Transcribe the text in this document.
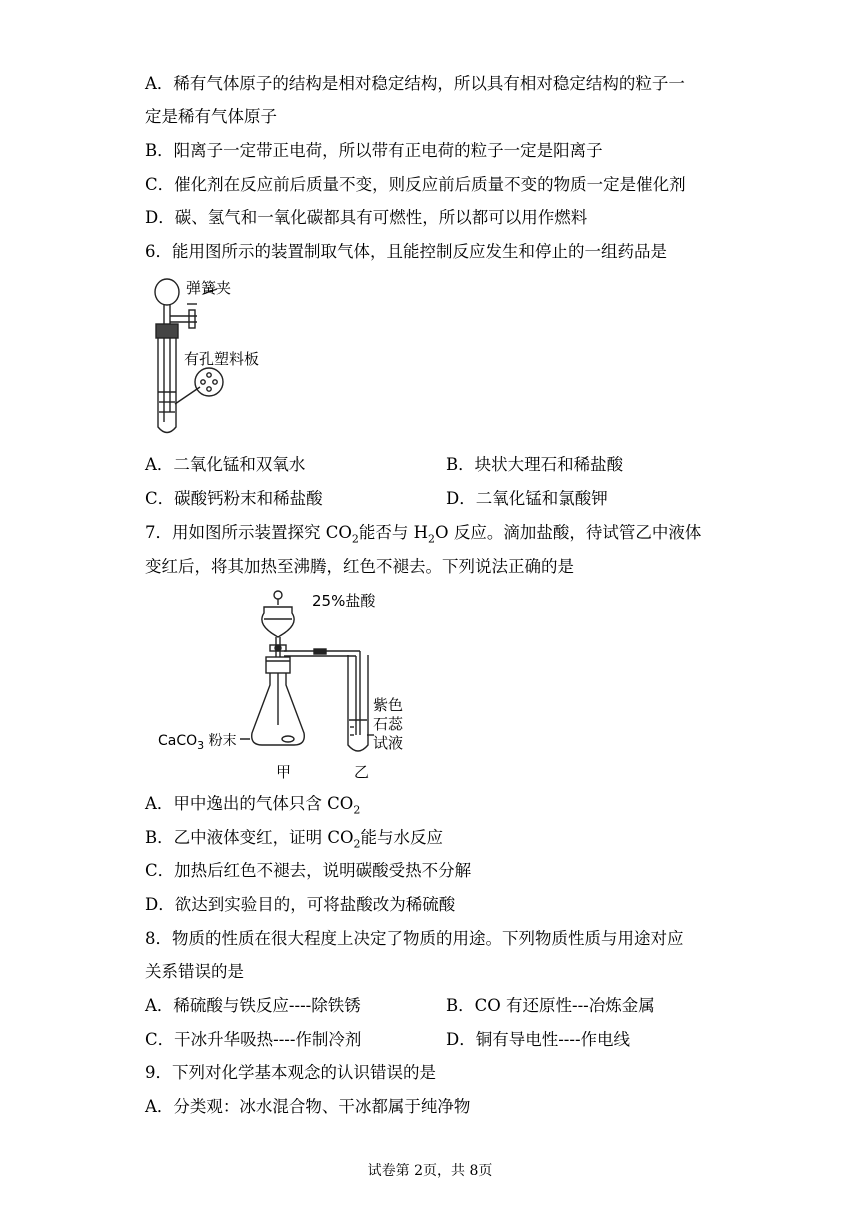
A．稀有气体原子的结构是相对稳定结构，所以具有相对稳定结构的粒子一
定是稀有气体原子
B．阳离子一定带正电荷，所以带有正电荷的粒子一定是阳离子
C．催化剂在反应前后质量不变，则反应前后质量不变的物质一定是催化剂
D．碳、氢气和一氧化碳都具有可燃性，所以都可以用作燃料
6．能用图所示的装置制取气体，且能控制反应发生和停止的一组药品是
弹簧夹
有孔塑料板
A．二氧化锰和双氧水	B．块状大理石和稀盐酸
C．碳酸钙粉末和稀盐酸	D．二氧化锰和氯酸钾
7．用如图所示装置探究 $CO_2$能否与 $H_2O$ 反应。滴加盐酸，待试管乙中液体
变红后，将其加热至沸腾，红色不褪去。下列说法正确的是
25%盐酸
CaCO$_3$ 粉末
紫色
石蕊
试液
甲	乙
A．甲中逸出的气体只含 $CO_2$
B．乙中液体变红，证明 $CO_2$能与水反应
C．加热后红色不褪去，说明碳酸受热不分解
D．欲达到实验目的，可将盐酸改为稀硫酸
8．物质的性质在很大程度上决定了物质的用途。下列物质性质与用途对应
关系错误的是
A．稀硫酸与铁反应----除铁锈	B．CO 有还原性---冶炼金属
C．干冰升华吸热----作制冷剂	D．铜有导电性----作电线
9．下列对化学基本观念的认识错误的是
A．分类观：冰水混合物、干冰都属于纯净物
试卷第 2页，共 8页
